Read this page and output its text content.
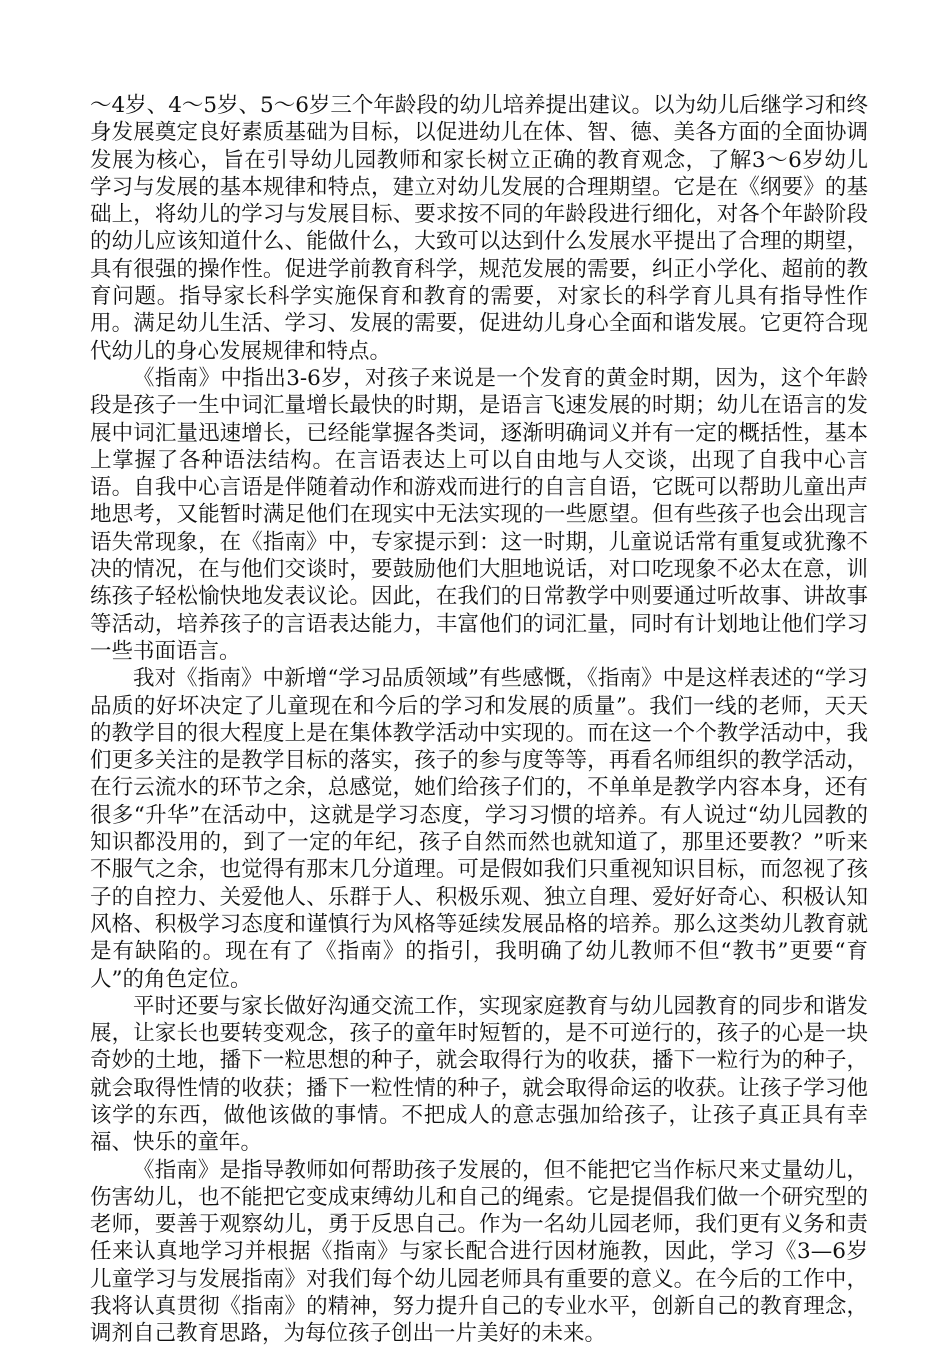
～4岁、4～5岁、5～6岁三个年龄段的幼儿培养提出建议。以为幼儿后继学习和终身发展奠定良好素质基础为目标，以促进幼儿在体、智、德、美各方面的全面协调发展为核心，旨在引导幼儿园教师和家长树立正确的教育观念，了解3～6岁幼儿学习与发展的基本规律和特点，建立对幼儿发展的合理期望。它是在《纲要》的基础上，将幼儿的学习与发展目标、要求按不同的年龄段进行细化，对各个年龄阶段的幼儿应该知道什么、能做什么，大致可以达到什么发展水平提出了合理的期望，具有很强的操作性。促进学前教育科学，规范发展的需要，纠正小学化、超前的教育问题。指导家长科学实施保育和教育的需要，对家长的科学育儿具有指导性作用。满足幼儿生活、学习、发展的需要，促进幼儿身心全面和谐发展。它更符合现代幼儿的身心发展规律和特点。

《指南》中指出3-6岁，对孩子来说是一个发育的黄金时期，因为，这个年龄段是孩子一生中词汇量增长最快的时期，是语言飞速发展的时期；幼儿在语言的发展中词汇量迅速增长，已经能掌握各类词，逐渐明确词义并有一定的概括性，基本上掌握了各种语法结构。在言语表达上可以自由地与人交谈，出现了自我中心言语。自我中心言语是伴随着动作和游戏而进行的自言自语，它既可以帮助儿童出声地思考，又能暂时满足他们在现实中无法实现的一些愿望。但有些孩子也会出现言语失常现象，在《指南》中，专家提示到：这一时期，儿童说话常有重复或犹豫不决的情况，在与他们交谈时，要鼓励他们大胆地说话，对口吃现象不必太在意，训练孩子轻松愉快地发表议论。因此，在我们的日常教学中则要通过听故事、讲故事等活动，培养孩子的言语表达能力，丰富他们的词汇量，同时有计划地让他们学习一些书面语言。

我对《指南》中新增“学习品质领域”有些感慨，《指南》中是这样表述的“学习品质的好坏决定了儿童现在和今后的学习和发展的质量”。我们一线的老师，天天的教学目的很大程度上是在集体教学活动中实现的。而在这一个个教学活动中，我们更多关注的是教学目标的落实，孩子的参与度等等，再看名师组织的教学活动，在行云流水的环节之余，总感觉，她们给孩子们的，不单单是教学内容本身，还有很多“升华”在活动中，这就是学习态度，学习习惯的培养。有人说过“幼儿园教的知识都没用的，到了一定的年纪，孩子自然而然也就知道了，那里还要教？”听来不服气之余，也觉得有那末几分道理。可是假如我们只重视知识目标，而忽视了孩子的自控力、关爱他人、乐群于人、积极乐观、独立自理、爱好好奇心、积极认知风格、积极学习态度和谨慎行为风格等延续发展品格的培养。那么这类幼儿教育就是有缺陷的。现在有了《指南》的指引，我明确了幼儿教师不但“教书”更要“育人”的角色定位。

平时还要与家长做好沟通交流工作，实现家庭教育与幼儿园教育的同步和谐发展，让家长也要转变观念，孩子的童年时短暂的，是不可逆行的，孩子的心是一块奇妙的土地，播下一粒思想的种子，就会取得行为的收获，播下一粒行为的种子，就会取得性情的收获；播下一粒性情的种子，就会取得命运的收获。让孩子学习他该学的东西，做他该做的事情。不把成人的意志强加给孩子，让孩子真正具有幸福、快乐的童年。

《指南》是指导教师如何帮助孩子发展的，但不能把它当作标尺来丈量幼儿，伤害幼儿，也不能把它变成束缚幼儿和自己的绳索。它是提倡我们做一个研究型的老师，要善于观察幼儿，勇于反思自己。作为一名幼儿园老师，我们更有义务和责任来认真地学习并根据《指南》与家长配合进行因材施教，因此，学习《3—6岁儿童学习与发展指南》对我们每个幼儿园老师具有重要的意义。在今后的工作中，我将认真贯彻《指南》的精神，努力提升自己的专业水平，创新自己的教育理念，调剂自己教育思路，为每位孩子创出一片美好的未来。
